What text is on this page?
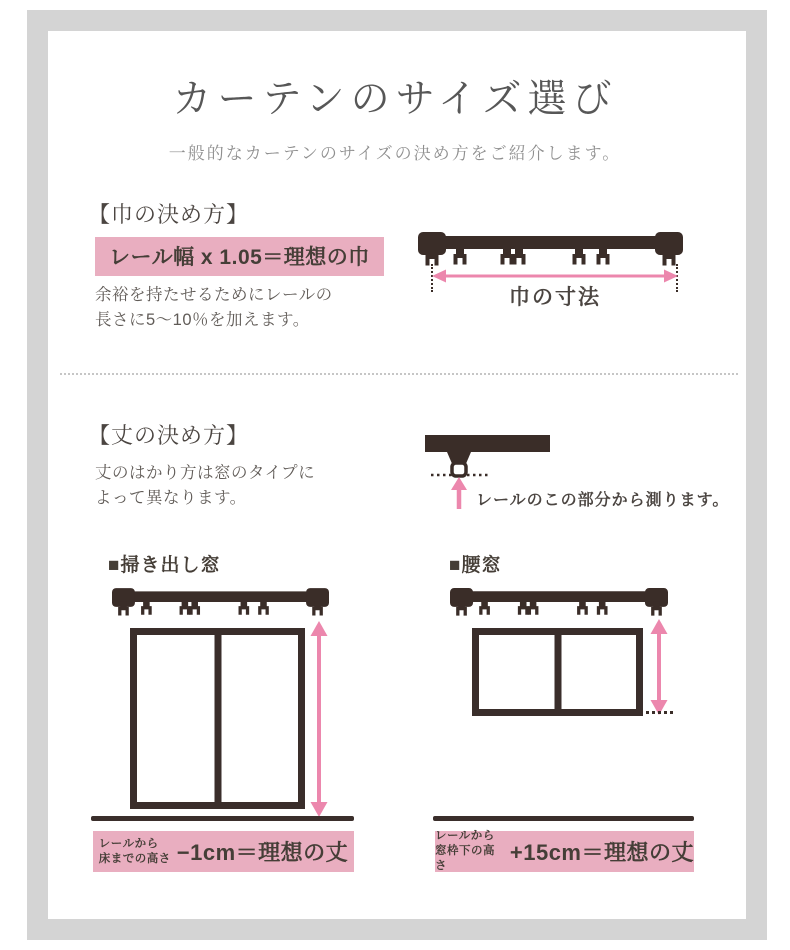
カーテンのサイズ選び
一般的なカーテンのサイズの決め方をご紹介します。
【巾の決め方】
レール幅 x 1.05＝理想の巾
余裕を持たせるためにレールの
長さに5〜10％を加えます。
巾の寸法
【丈の決め方】
丈のはかり方は窓のタイプに
よって異なります。	レールのこの部分から測ります。
■掃き出し窓
レールから
床までの高さ −1cm＝理想の丈
■腰窓
レールから
窓枠下の高さ
+15cm＝理想の丈
